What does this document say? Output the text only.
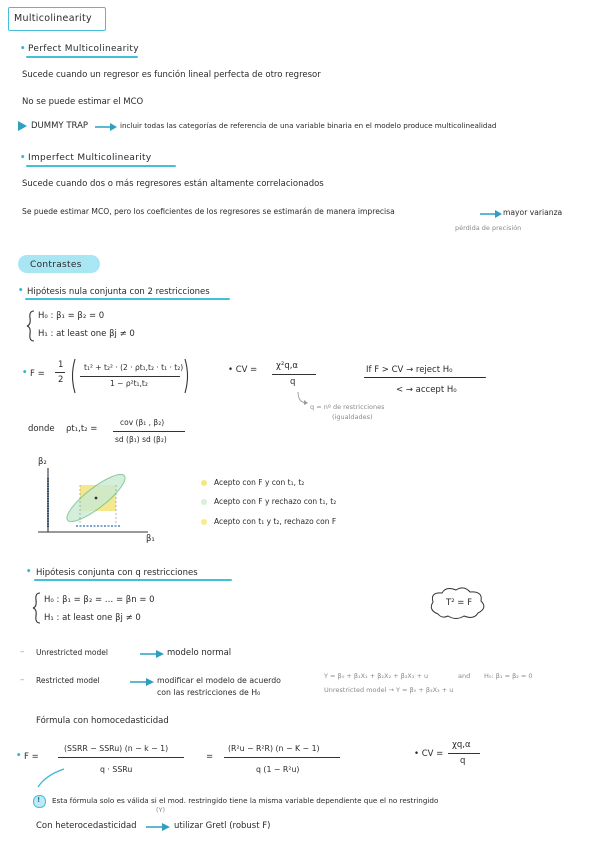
Multicolinearity
• Perfect Multicolinearity
Sucede cuando un regresor es función lineal perfecta de otro regresor
No se puede estimar el MCO
DUMMY TRAP	incluir todas las categorías de referencia de una variable binaria en el modelo produce multicolinealidad
• Imperfect Multicolinearity
Sucede cuando dos o más regresores están altamente correlacionados
Se puede estimar MCO, pero los coeficientes de los regresores se estimarán de manera imprecisa	mayor varianza
pérdida de precisión
Contrastes
• Hipótesis nula conjunta con 2 restricciones
H₀ : β₁ = β₂ = 0
H₁ : at least one βj ≠ 0
• F =
1
2
t₁² + t₂² · (2 · ρt₁,t₂ · t₁ · t₂)
1 − ρ²t₁,t₂
• CV = χ²q,α
q
q = nº de restricciones
(igualdades)
If F > CV → reject H₀
< → accept H₀
donde ρt₁,t₂ =
cov (β₁ , β₂)
sd (β₁) sd (β₂)
β₂
β₁
Acepto con F y con t₁, t₂
Acepto con F y rechazo con t₁, t₂
Acepto con t₁ y t₂, rechazo con F
• Hipótesis conjunta con q restricciones
H₀ : β₁ = β₂ = … = βn = 0
H₁ : at least one βj ≠ 0
T² = F
– Unrestricted model	modelo normal
– Restricted model	modificar el modelo de acuerdo
con las restricciones de H₀
Y = β₀ + β₁X₁ + β₂X₂ + β₃X₃ + u	and H₀: β₁ = β₂ = 0
Unrestricted model → Y = β₀ + β₃X₃ + u
Fórmula con homocedasticidad
• F =
(SSRR − SSRu) (n − k − 1)
q · SSRu
=
(R²u − R²R) (n − K − 1)
q (1 − R²u)
• CV =
χq,α
q
! Esta fórmula solo es válida si el mod. restringido tiene la misma variable dependiente que el no restringido
(Y)
Con heterocedasticidad	utilizar Gretl (robust F)
